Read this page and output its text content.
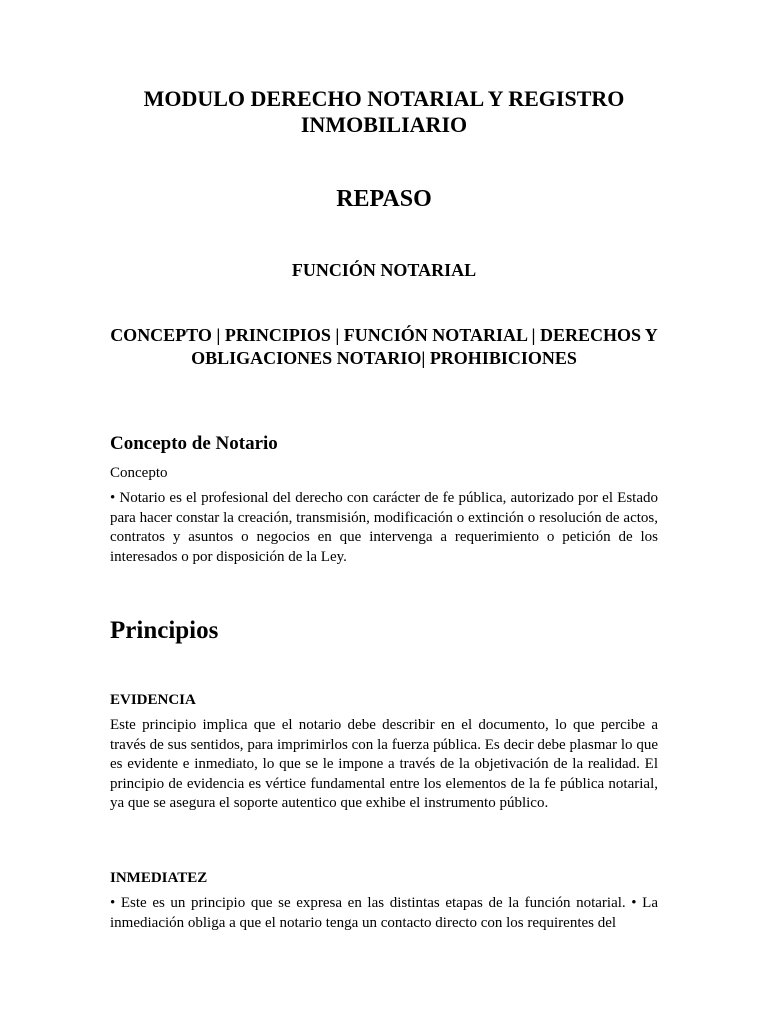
MODULO DERECHO NOTARIAL Y REGISTRO INMOBILIARIO
REPASO
FUNCIÓN NOTARIAL
CONCEPTO | PRINCIPIOS | FUNCIÓN NOTARIAL | DERECHOS Y OBLIGACIONES NOTARIO| PROHIBICIONES
Concepto de Notario
Concepto
• Notario es el profesional del derecho con carácter de fe pública, autorizado por el Estado para hacer constar la creación, transmisión, modificación o extinción o resolución de actos, contratos y asuntos o negocios en que intervenga a requerimiento o petición de los interesados o por disposición de la Ley.
Principios
EVIDENCIA
Este principio implica que el notario debe describir en el documento, lo que percibe a través de sus sentidos, para imprimirlos con la fuerza pública. Es decir debe plasmar lo que es evidente e inmediato, lo que se le impone a través de la objetivación de la realidad. El principio de evidencia es vértice fundamental entre los elementos de la fe pública notarial, ya que se asegura el soporte autentico que exhibe el instrumento público.
INMEDIATEZ
• Este es un principio que se expresa en las distintas etapas de la función notarial. • La inmediación obliga a que el notario tenga un contacto directo con los requirentes del
